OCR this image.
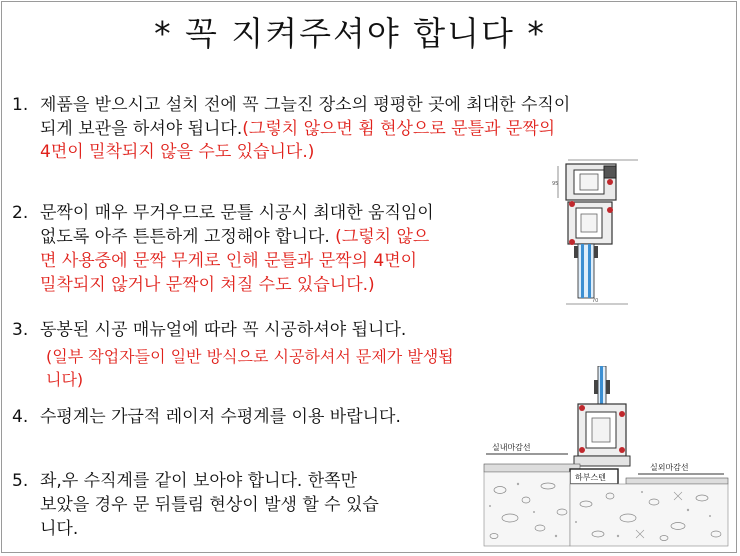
* 꼭 지켜주셔야 합니다 *
1. 제품을 받으시고 설치 전에 꼭 그늘진 장소의 평평한 곳에 최대한 수직이
되게 보관을 하셔야 됩니다.(그렇치 않으면 휨 현상으로 문틀과 문짝의
4면이 밀착되지 않을 수도 있습니다.)
2. 문짝이 매우 무거우므로 문틀 시공시 최대한 움직임이
없도록 아주 튼튼하게 고정해야 합니다. (그렇치 않으
면 사용중에 문짝 무게로 인해 문틀과 문짝의 4면이
밀착되지 않거나 문짝이 쳐질 수도 있습니다.)
3. 동봉된 시공 매뉴얼에 따라 꼭 시공하셔야 됩니다.
(일부 작업자들이 일반 방식으로 시공하셔서 문제가 발생됩
니다)
4. 수평계는 가급적 레이저 수평계를 이용 바랍니다.
5. 좌,우 수직계를 같이 보아야 합니다. 한쪽만
보았을 경우 문 뒤틀림 현상이 발생 할 수 있습
니다.
95
70
실내마감선
실외마감선
하부스텐
